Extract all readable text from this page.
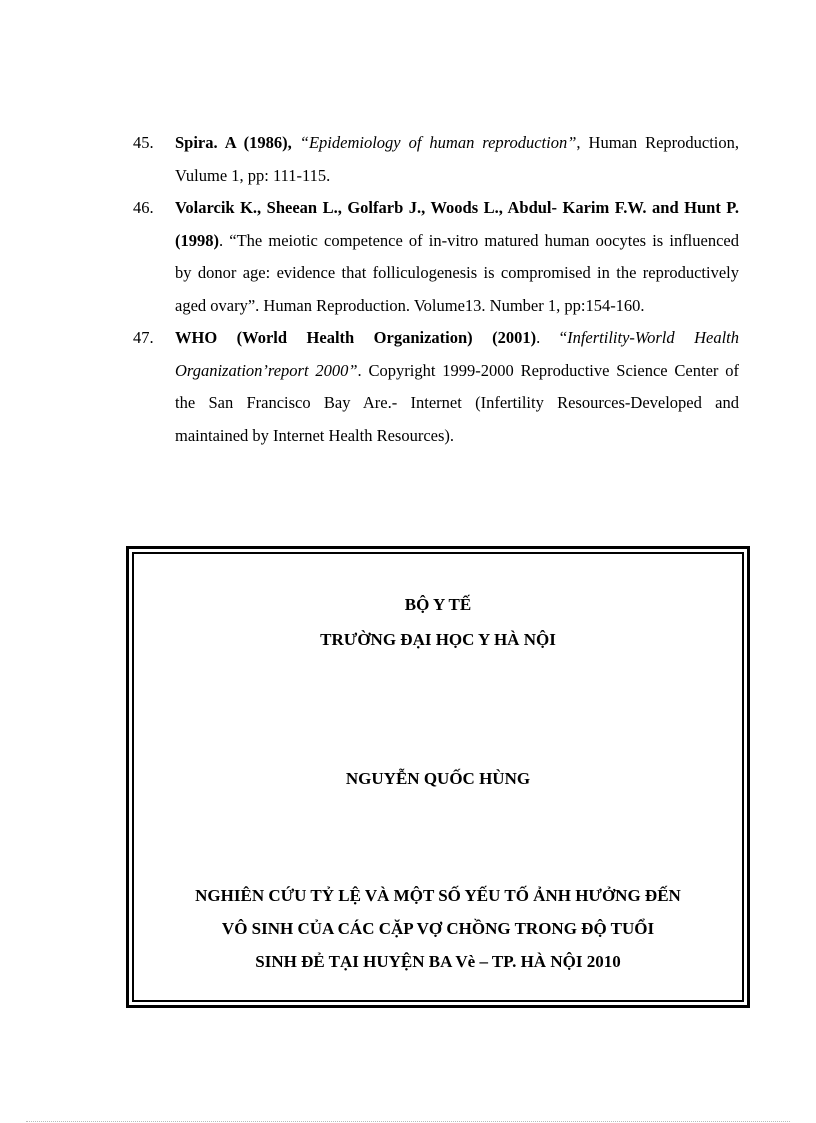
45. Spira. A (1986), “Epidemiology of human reproduction”, Human Reproduction, Vulume 1, pp: 111-115.
46. Volarcik K., Sheean L., Golfarb J., Woods L., Abdul- Karim F.W. and Hunt P. (1998). “The meiotic competence of in-vitro matured human oocytes is influenced by donor age: evidence that folliculogenesis is compromised in the reproductively aged ovary”. Human Reproduction. Volume13. Number 1, pp:154-160.
47. WHO (World Health Organization) (2001). “Infertility-World Health Organization’report 2000”. Copyright 1999-2000 Reproductive Science Center of the San Francisco Bay Are.- Internet (Infertility Resources-Developed and maintained by Internet Health Resources).
BỘ Y TẾ
TRƯỜNG ĐẠI HỌC Y HÀ NỘI
NGUYỄN QUỐC HÙNG
NGHIÊN CỨU TỶ LỆ VÀ MỘT SỐ YẾU TỐ ẢNH HƯỞNG ĐẾN
VÔ SINH CỦA CÁC CẶP VỢ CHỒNG TRONG ĐỘ TUỔI
SINH ĐẺ TẠI HUYỆN BA Vè – TP. HÀ NỘI 2010
